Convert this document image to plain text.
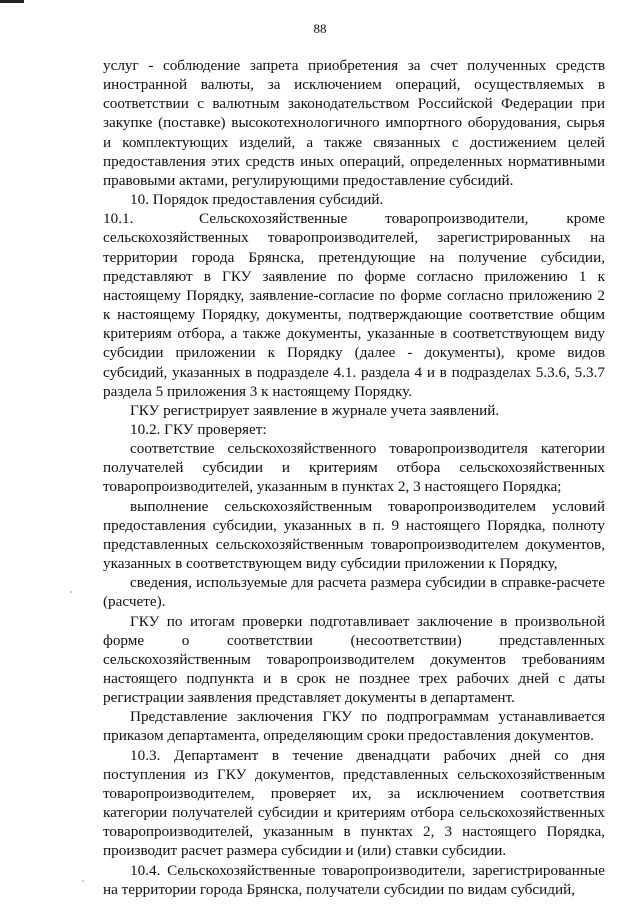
88

услуг - соблюдение запрета приобретения за счет полученных средств иностранной валюты, за исключением операций, осуществляемых в соответствии с валютным законодательством Российской Федерации при закупке (поставке) высокотехнологичного импортного оборудования, сырья и комплектующих изделий, а также связанных с достижением целей предоставления этих средств иных операций, определенных нормативными правовыми актами, регулирующими предоставление субсидий.

10. Порядок предоставления субсидий.

10.1.	Сельскохозяйственные товаропроизводители, кроме сельскохозяйственных товаропроизводителей, зарегистрированных на территории города Брянска, претендующие на получение субсидии, представляют в ГКУ заявление по форме согласно приложению 1 к настоящему Порядку, заявление-согласие по форме согласно приложению 2 к настоящему Порядку, документы, подтверждающие соответствие общим критериям отбора, а также документы, указанные в соответствующем виду субсидии приложении к Порядку (далее - документы), кроме видов субсидий, указанных в подразделе 4.1. раздела 4 и в подразделах 5.3.6, 5.3.7 раздела 5 приложения 3 к настоящему Порядку.

ГКУ регистрирует заявление в журнале учета заявлений.

10.2. ГКУ проверяет:

соответствие сельскохозяйственного товаропроизводителя категории получателей субсидии и критериям отбора сельскохозяйственных товаропроизводителей, указанным в пунктах 2, 3 настоящего Порядка;

выполнение сельскохозяйственным товаропроизводителем условий предоставления субсидии, указанных в п. 9 настоящего Порядка, полноту представленных сельскохозяйственным товаропроизводителем документов, указанных в соответствующем виду субсидии приложении к Порядку,

сведения, используемые для расчета размера субсидии в справке-расчете (расчете).

ГКУ по итогам проверки подготавливает заключение в произвольной форме о соответствии (несоответствии) представленных сельскохозяйственным товаропроизводителем документов требованиям настоящего подпункта и в срок не позднее трех рабочих дней с даты регистрации заявления представляет документы в департамент.

Представление заключения ГКУ по подпрограммам устанавливается приказом департамента, определяющим сроки предоставления документов.

10.3. Департамент в течение двенадцати рабочих дней со дня поступления из ГКУ документов, представленных сельскохозяйственным товаропроизводителем, проверяет их, за исключением соответствия категории получателей субсидии и критериям отбора сельскохозяйственных товаропроизводителей, указанным в пунктах 2, 3 настоящего Порядка, производит расчет размера субсидии и (или) ставки субсидии.

10.4. Сельскохозяйственные товаропроизводители, зарегистрированные на территории города Брянска, получатели субсидии по видам субсидий,
